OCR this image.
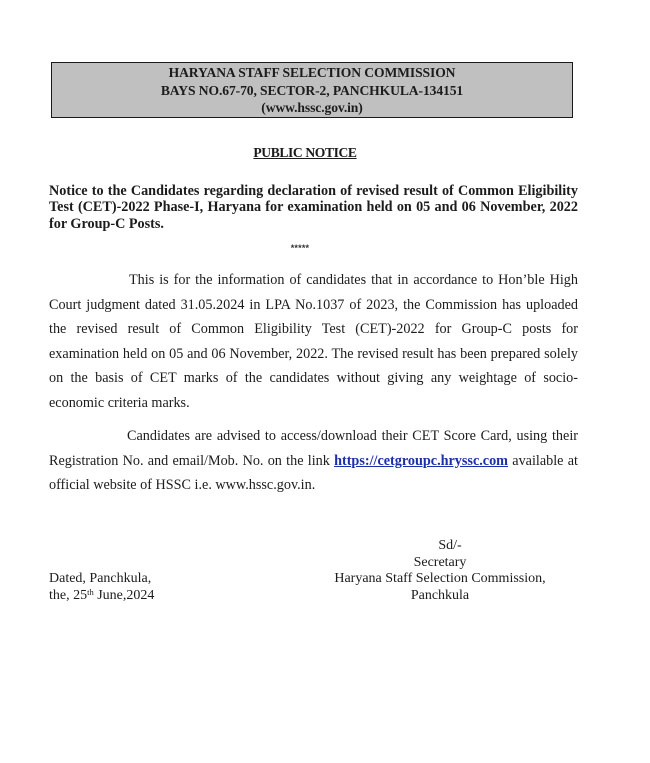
HARYANA STAFF SELECTION COMMISSION
BAYS NO.67-70, SECTOR-2, PANCHKULA-134151
(www.hssc.gov.in)
PUBLIC NOTICE
Notice to the Candidates regarding declaration of revised result of Common Eligibility Test (CET)-2022 Phase-I, Haryana for examination held on 05 and 06 November, 2022 for Group-C Posts.
*****
This is for the information of candidates that in accordance to Hon’ble High Court judgment dated 31.05.2024 in LPA No.1037 of 2023, the Commission has uploaded the revised result of Common Eligibility Test (CET)-2022 for Group-C posts for examination held on 05 and 06 November, 2022. The revised result has been prepared solely on the basis of CET marks of the candidates without giving any weightage of socio-economic criteria marks.
Candidates are advised to access/download their CET Score Card, using their Registration No. and email/Mob. No. on the link https://cetgroupc.hryssc.com available at official website of HSSC i.e. www.hssc.gov.in.
Dated, Panchkula,
the, 25th June,2024
Sd/-
Secretary
Haryana Staff Selection Commission,
Panchkula
